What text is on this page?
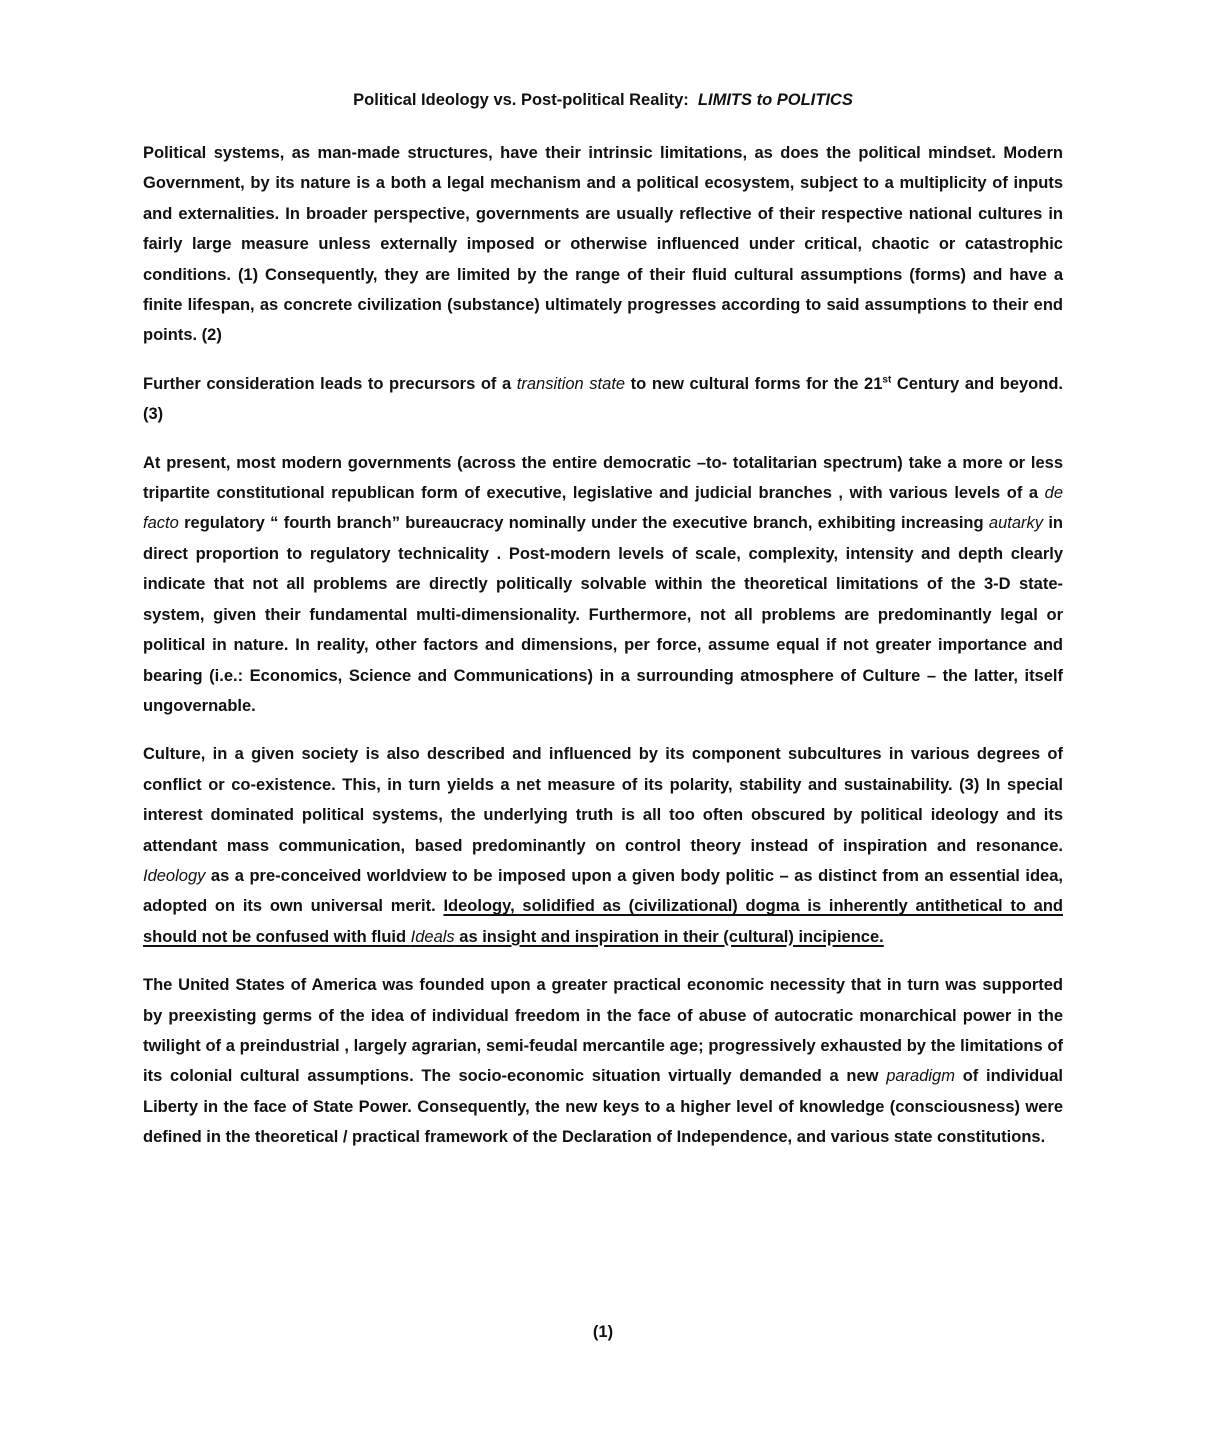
Political Ideology vs. Post-political Reality: LIMITS to POLITICS

Political systems, as man-made structures, have their intrinsic limitations, as does the political mindset. Modern Government, by its nature is a both a legal mechanism and a political ecosystem, subject to a multiplicity of inputs and externalities. In broader perspective, governments are usually reflective of their respective national cultures in fairly large measure unless externally imposed or otherwise influenced under critical, chaotic or catastrophic conditions. (1) Consequently, they are limited by the range of their fluid cultural assumptions (forms) and have a finite lifespan, as concrete civilization (substance) ultimately progresses according to said assumptions to their end points. (2)

Further consideration leads to precursors of a transition state to new cultural forms for the 21st Century and beyond. (3)

At present, most modern governments (across the entire democratic –to- totalitarian spectrum) take a more or less tripartite constitutional republican form of executive, legislative and judicial branches , with various levels of a de facto regulatory “ fourth branch” bureaucracy nominally under the executive branch, exhibiting increasing autarky in direct proportion to regulatory technicality . Post-modern levels of scale, complexity, intensity and depth clearly indicate that not all problems are directly politically solvable within the theoretical limitations of the 3-D state-system, given their fundamental multi-dimensionality. Furthermore, not all problems are predominantly legal or political in nature. In reality, other factors and dimensions, per force, assume equal if not greater importance and bearing (i.e.: Economics, Science and Communications) in a surrounding atmosphere of Culture – the latter, itself ungovernable.

Culture, in a given society is also described and influenced by its component subcultures in various degrees of conflict or co-existence. This, in turn yields a net measure of its polarity, stability and sustainability. (3) In special interest dominated political systems, the underlying truth is all too often obscured by political ideology and its attendant mass communication, based predominantly on control theory instead of inspiration and resonance. Ideology as a pre-conceived worldview to be imposed upon a given body politic – as distinct from an essential idea, adopted on its own universal merit. Ideology, solidified as (civilizational) dogma is inherently antithetical to and should not be confused with fluid Ideals as insight and inspiration in their (cultural) incipience.

The United States of America was founded upon a greater practical economic necessity that in turn was supported by preexisting germs of the idea of individual freedom in the face of abuse of autocratic monarchical power in the twilight of a preindustrial , largely agrarian, semi-feudal mercantile age; progressively exhausted by the limitations of its colonial cultural assumptions. The socio-economic situation virtually demanded a new paradigm of individual Liberty in the face of State Power. Consequently, the new keys to a higher level of knowledge (consciousness) were defined in the theoretical / practical framework of the Declaration of Independence, and various state constitutions.

(1)
